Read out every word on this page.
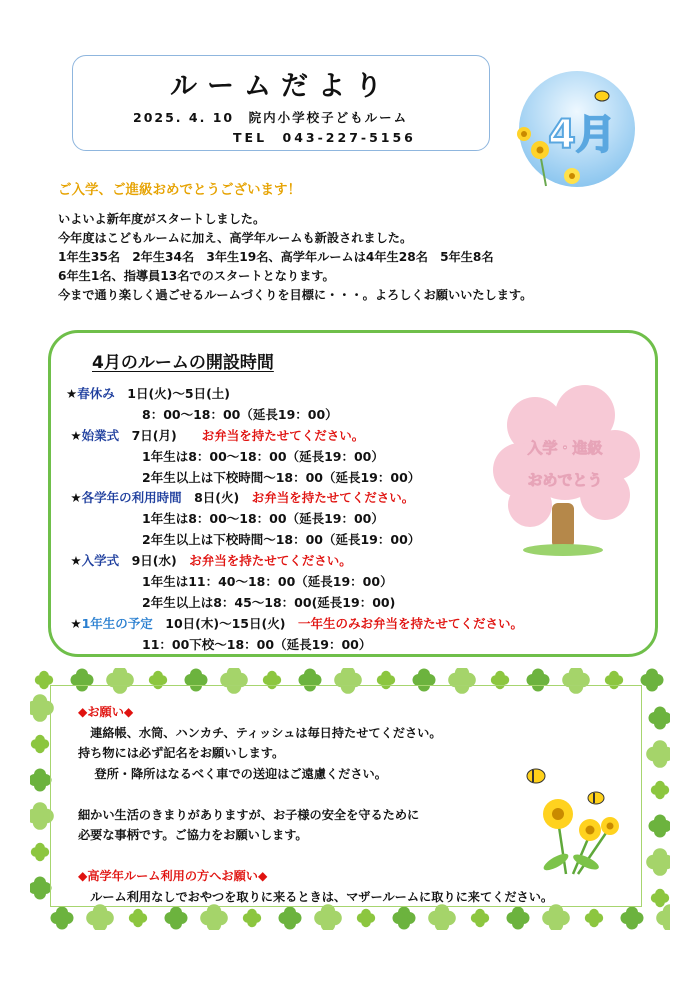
ルームだより
2025. 4. 10　院内小学校子どもルーム
TEL　043-227-5156	4月
ご入学、ご進級おめでとうございます！
いよいよ新年度がスタートしました。
今年度はこどもルームに加え、高学年ルームも新設されました。
1年生35名　2年生34名　3年生19名、高学年ルームは4年生28名　5年生8名
6年生1名、指導員13名でのスタートとなります。
今まで通り楽しく過ごせるルームづくりを目標に・・・。よろしくお願いいたします。
4月のルームの開設時間
★春休み　 1日(火)～5日(土)
8：00～18：00（延長19：00）
★始業式　 7日(月)　　 お弁当を持たせてください。
1年生は8：00～18：00（延長19：00）
2年生以上は下校時間～18：00（延長19：00）
★各学年の利用時間　 8日(火)　 お弁当を持たせてください。
1年生は8：00～18：00（延長19：00）
2年生以上は下校時間～18：00（延長19：00）
★入学式　 9日(水)　 お弁当を持たせてください。
1年生は11：40～18：00（延長19：00）
2年生以上は8：45～18：00(延長19：00)
★1年生の予定　 10日(木)～15日(火)　 一年生のみお弁当を持たせてください。
11：00下校～18：00（延長19：00）
入学・進級
おめでとう
◆お願い◆
　連絡帳、水筒、ハンカチ、ティッシュは毎日持たせてください。
持ち物には必ず記名をお願いします。
　 登所・降所はなるべく車での送迎はご遠慮ください。
細かい生活のきまりがありますが、お子様の安全を守るために
必要な事柄です。ご協力をお願いします。
◆高学年ルーム利用の方へお願い◆
　ルーム利用なしでおやつを取りに来るときは、マザールームに取りに来てください。
